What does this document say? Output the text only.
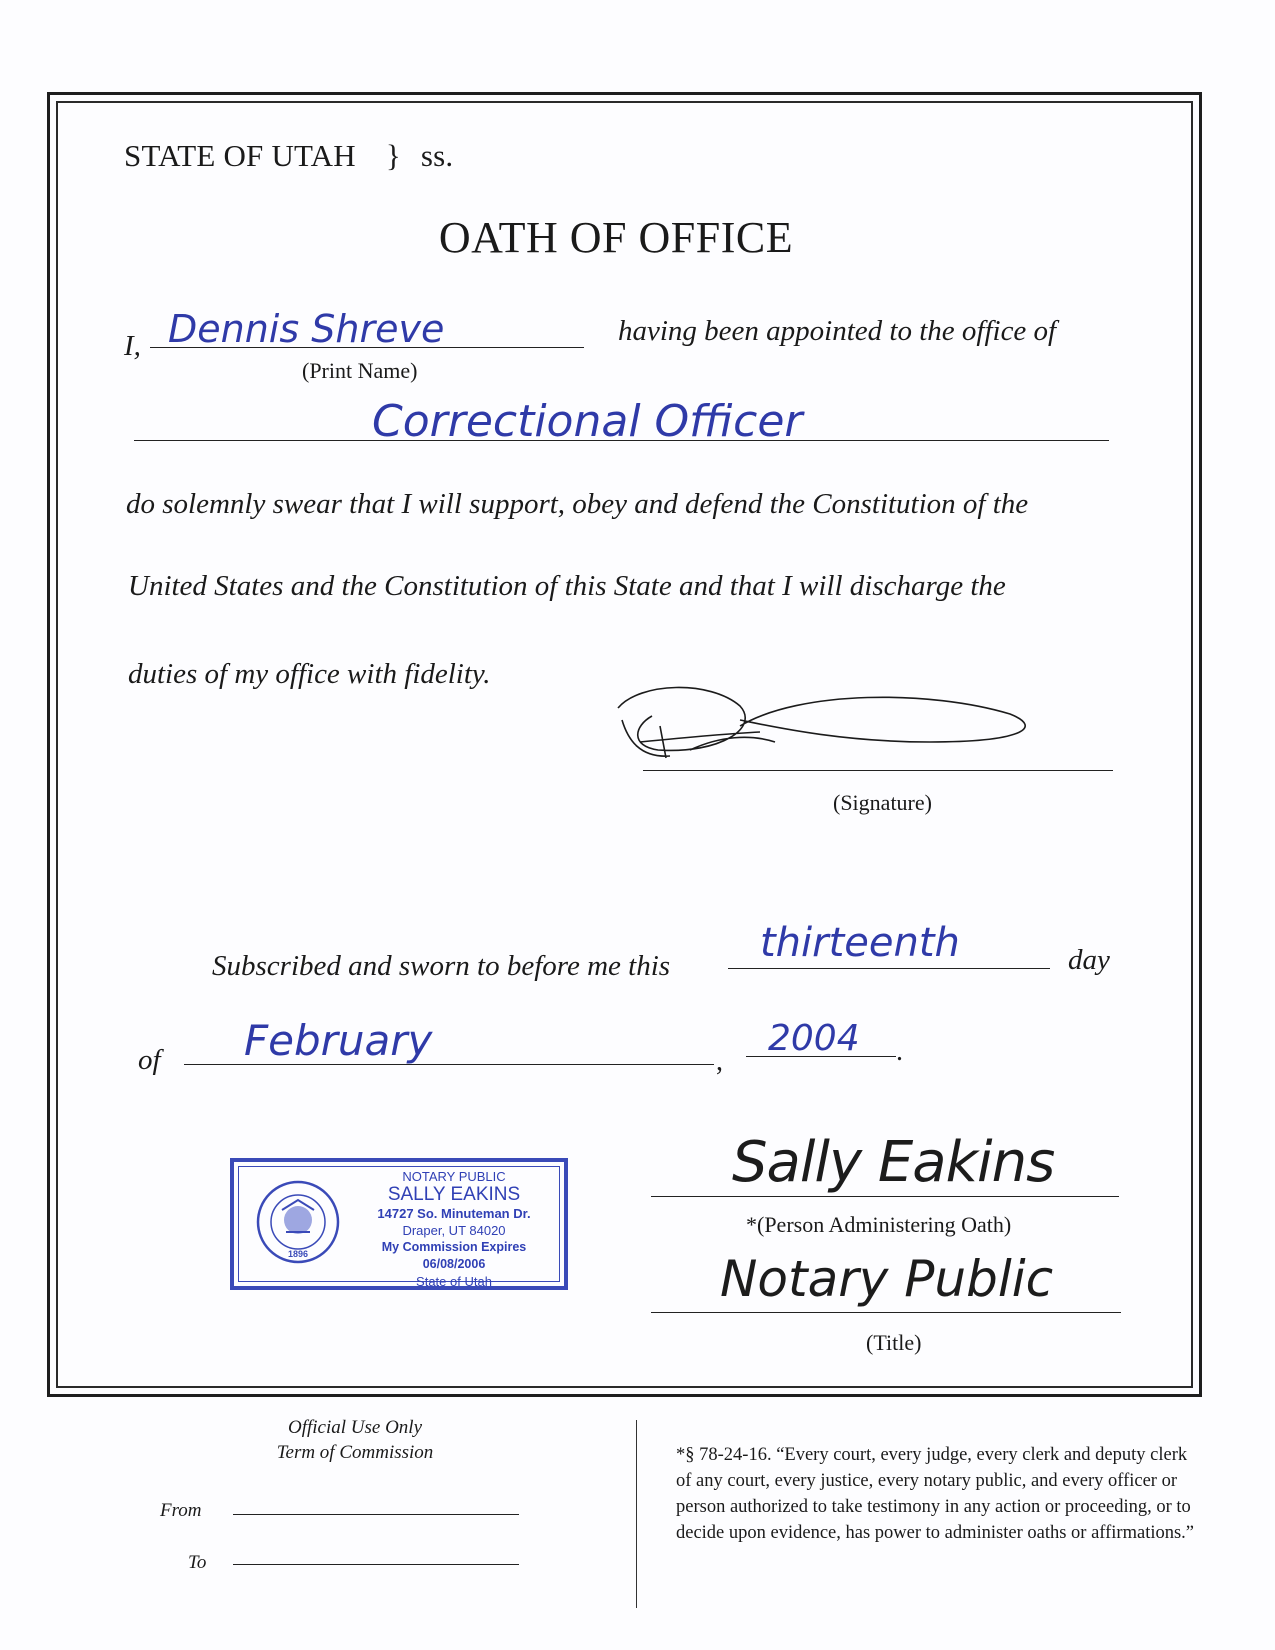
STATE OF UTAH } ss.
OATH OF OFFICE
I, Dennis Shreve
(Print Name)
having been appointed to the office of
Correctional Officer
do solemnly swear that I will support, obey and defend the Constitution of the
United States and the Constitution of this State and that I will discharge the
duties of my office with fidelity.
(Signature)
Subscribed and sworn to before me this thirteenth	day
of February	,
2004 .
1896
NOTARY PUBLIC
SALLY EAKINS
14727 So. Minuteman Dr.
Draper, UT 84020
My Commission Expires 06/08/2006
State of Utah
Sally Eakins
*(Person Administering Oath)
Notary Public
(Title)
Official Use Only
Term of Commission
From
To
*§ 78-24-16. “Every court, every judge, every clerk and deputy clerk of any court, every justice, every notary public, and every officer or person authorized to take testimony in any action or proceeding, or to decide upon evidence, has power to administer oaths or affirmations.”
